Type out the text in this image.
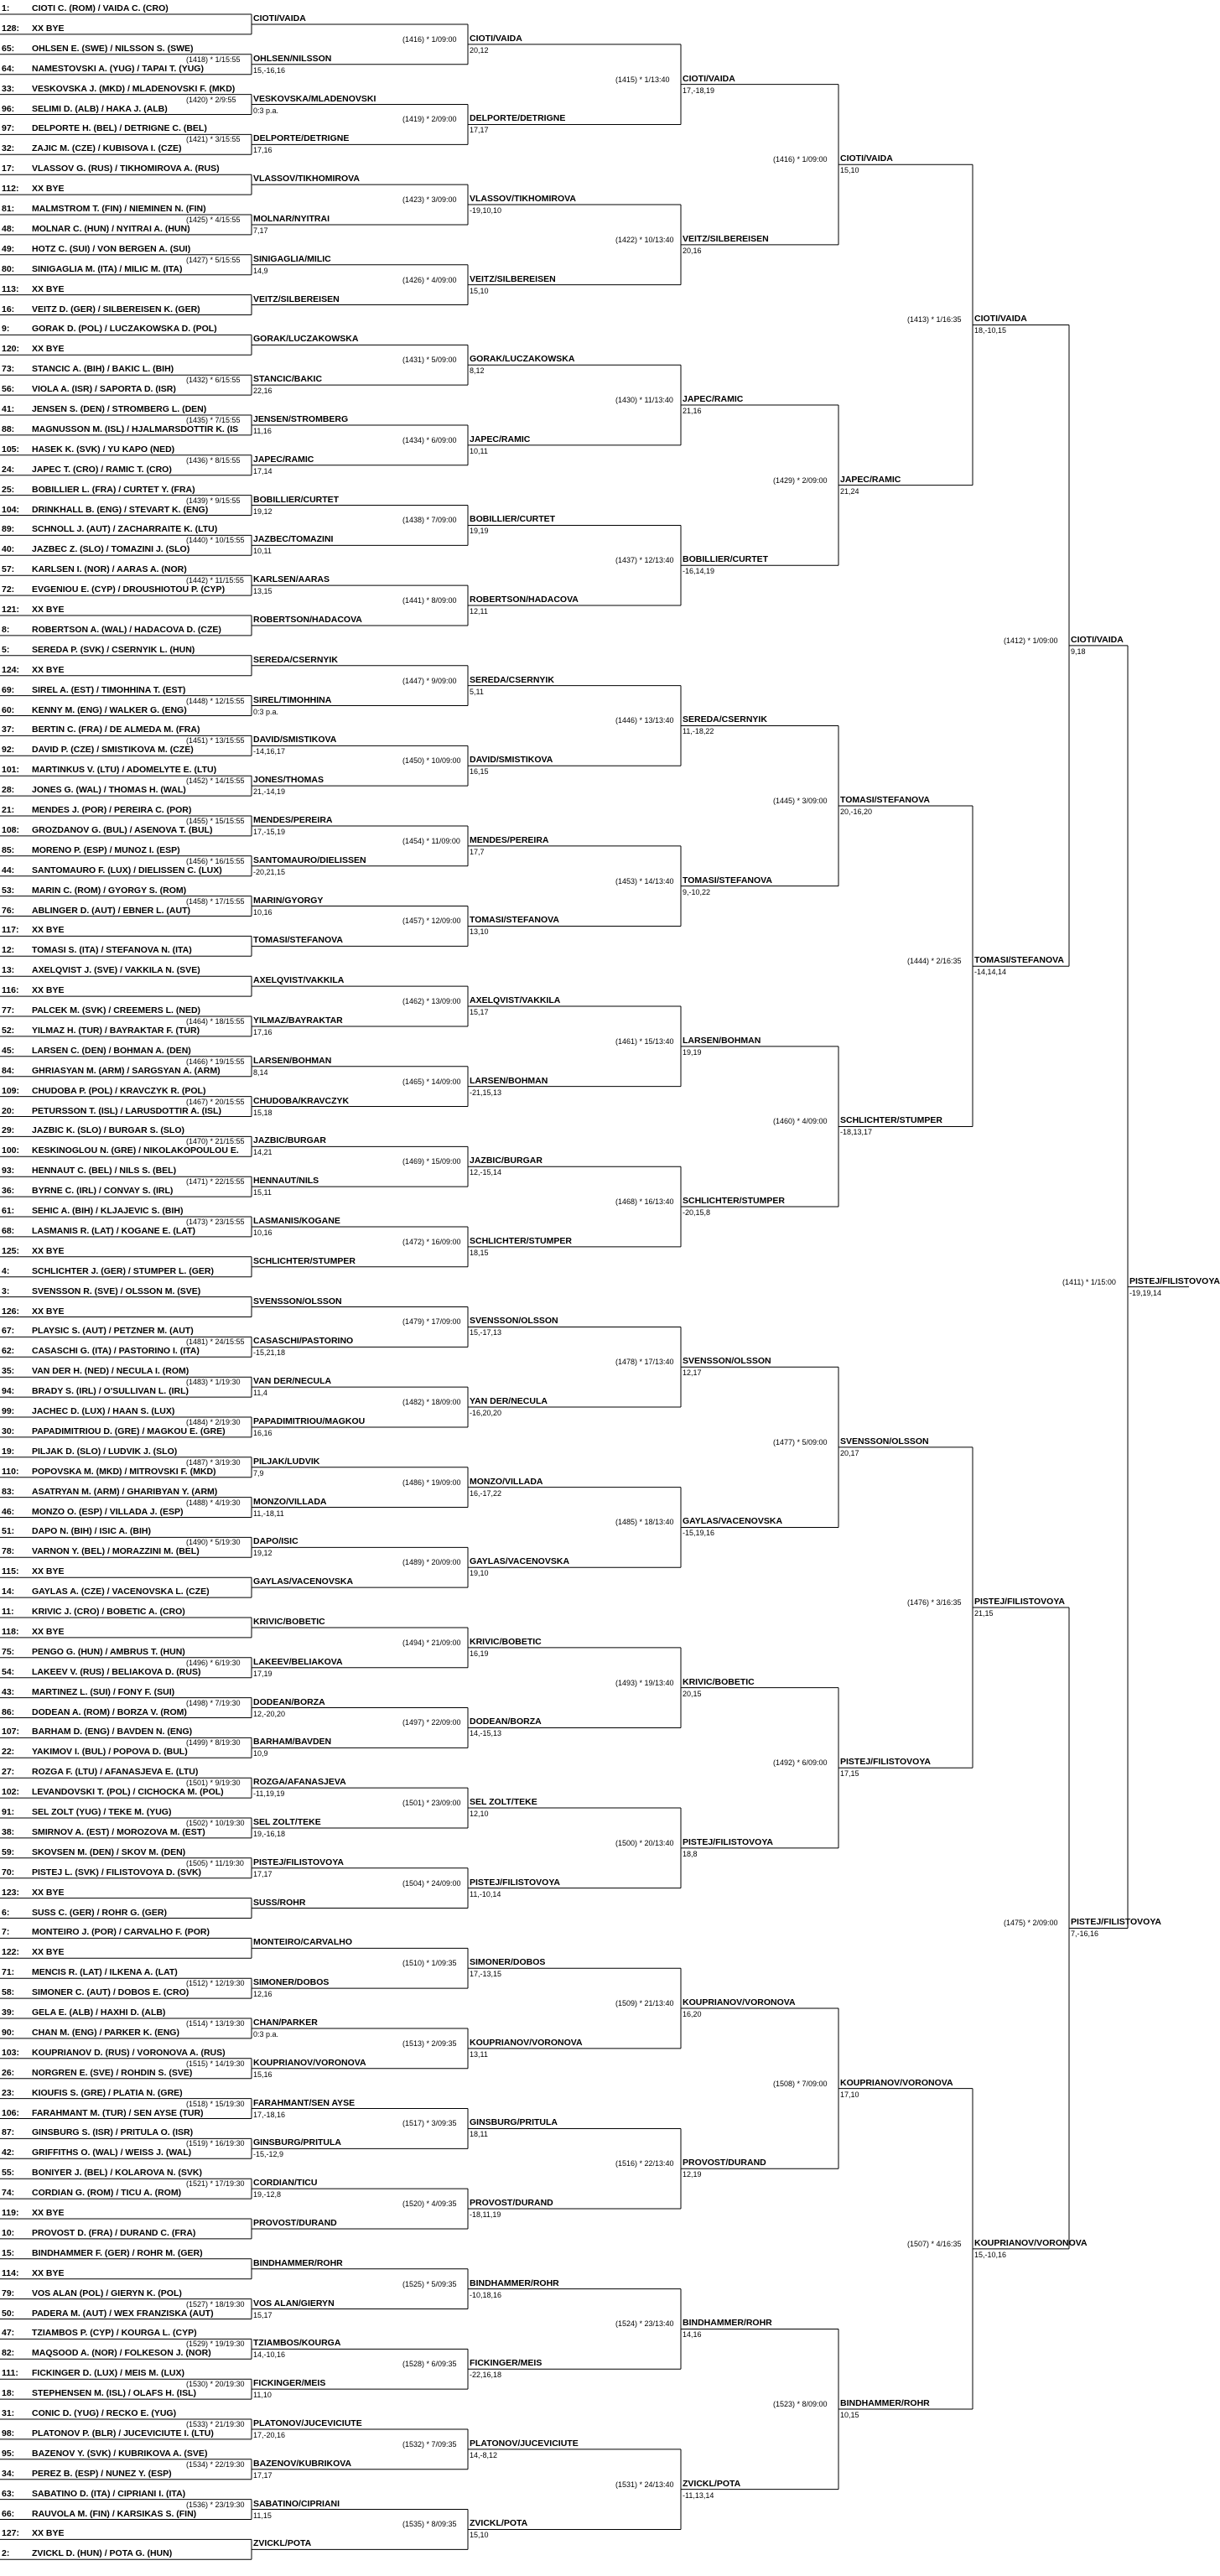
1:	CIOTI C. (ROM) / VAIDA C. (CRO)
128: XX BYE
65: OHLSEN E. (SWE) / NILSSON S. (SWE)
64: NAMESTOVSKI A. (YUG) / TAPAI T. (YUG)
33: VESKOVSKA J. (MKD) / MLADENOVSKI F. (MKD)
96: SELIMI D. (ALB) / HAKA J. (ALB)
97: DELPORTE H. (BEL) / DETRIGNE C. (BEL)
32: ZAJIC M. (CZE) / KUBISOVA I. (CZE)
17: VLASSOV G. (RUS) / TIKHOMIROVA A. (RUS)
112: XX BYE
81: MALMSTROM T. (FIN) / NIEMINEN N. (FIN)
48: MOLNAR C. (HUN) / NYITRAI A. (HUN)
49: HOTZ C. (SUI) / VON BERGEN A. (SUI)
80: SINIGAGLIA M. (ITA) / MILIC M. (ITA)
113: XX BYE
16: VEITZ D. (GER) / SILBEREISEN K. (GER)
9:	GORAK D. (POL) / LUCZAKOWSKA D. (POL)
120: XX BYE
73: STANCIC A. (BIH) / BAKIC L. (BIH)
56: VIOLA A. (ISR) / SAPORTA D. (ISR)
41: JENSEN S. (DEN) / STROMBERG L. (DEN)
88: MAGNUSSON M. (ISL) / HJALMARSDOTTIR K. (IS
105: HASEK K. (SVK) / YU KAPO (NED)
24: JAPEC T. (CRO) / RAMIC T. (CRO)
25: BOBILLIER L. (FRA) / CURTET Y. (FRA)
104: DRINKHALL B. (ENG) / STEVART K. (ENG)
89: SCHNOLL J. (AUT) / ZACHARRAITE K. (LTU)
40: JAZBEC Z. (SLO) / TOMAZINI J. (SLO)
57: KARLSEN I. (NOR) / AARAS A. (NOR)
72: EVGENIOU E. (CYP) / DROUSHIOTOU P. (CYP)
121: XX BYE
8:	ROBERTSON A. (WAL) / HADACOVA D. (CZE)
5:	SEREDA P. (SVK) / CSERNYIK L. (HUN)
124: XX BYE
69: SIREL A. (EST) / TIMOHHINA T. (EST)
60: KENNY M. (ENG) / WALKER G. (ENG)
37: BERTIN C. (FRA) / DE ALMEDA M. (FRA)
92: DAVID P. (CZE) / SMISTIKOVA M. (CZE)
101: MARTINKUS V. (LTU) / ADOMELYTE E. (LTU)
28: JONES G. (WAL) / THOMAS H. (WAL)
21: MENDES J. (POR) / PEREIRA C. (POR)
108: GROZDANOV G. (BUL) / ASENOVA T. (BUL)
85: MORENO P. (ESP) / MUNOZ I. (ESP)
44: SANTOMAURO F. (LUX) / DIELISSEN C. (LUX)
53: MARIN C. (ROM) / GYORGY S. (ROM)
76: ABLINGER D. (AUT) / EBNER L. (AUT)
117: XX BYE
12: TOMASI S. (ITA) / STEFANOVA N. (ITA)
13: AXELQVIST J. (SVE) / VAKKILA N. (SVE)
116: XX BYE
77: PALCEK M. (SVK) / CREEMERS L. (NED)
52: YILMAZ H. (TUR) / BAYRAKTAR F. (TUR)
45: LARSEN C. (DEN) / BOHMAN A. (DEN)
84: GHRIASYAN M. (ARM) / SARGSYAN A. (ARM)
109: CHUDOBA P. (POL) / KRAVCZYK R. (POL)
20: PETURSSON T. (ISL) / LARUSDOTTIR A. (ISL)
29: JAZBIC K. (SLO) / BURGAR S. (SLO)
100: KESKINOGLOU N. (GRE) / NIKOLAKOPOULOU E.
93: HENNAUT C. (BEL) / NILS S. (BEL)
36: BYRNE C. (IRL) / CONVAY S. (IRL)
61: SEHIC A. (BIH) / KLJAJEVIC S. (BIH)
68: LASMANIS R. (LAT) / KOGANE E. (LAT)
125: XX BYE
4:	SCHLICHTER J. (GER) / STUMPER L. (GER)
3:	SVENSSON R. (SVE) / OLSSON M. (SVE)
126: XX BYE
67: PLAYSIC S. (AUT) / PETZNER M. (AUT)
62: CASASCHI G. (ITA) / PASTORINO I. (ITA)
35: VAN DER H. (NED) / NECULA I. (ROM)
94: BRADY S. (IRL) / O'SULLIVAN L. (IRL)
99: JACHEC D. (LUX) / HAAN S. (LUX)
30: PAPADIMITRIOU D. (GRE) / MAGKOU E. (GRE)
19: PILJAK D. (SLO) / LUDVIK J. (SLO)
110: POPOVSKA M. (MKD) / MITROVSKI F. (MKD)
83: ASATRYAN M. (ARM) / GHARIBYAN Y. (ARM)
46: MONZO O. (ESP) / VILLADA J. (ESP)
51: DAPO N. (BIH) / ISIC A. (BIH)
78: VARNON Y. (BEL) / MORAZZINI M. (BEL)
115: XX BYE
14: GAYLAS A. (CZE) / VACENOVSKA L. (CZE)
11: KRIVIC J. (CRO) / BOBETIC A. (CRO)
118: XX BYE
75: PENGO G. (HUN) / AMBRUS T. (HUN)
54: LAKEEV V. (RUS) / BELIAKOVA D. (RUS)
43: MARTINEZ L. (SUI) / FONY F. (SUI)
86: DODEAN A. (ROM) / BORZA V. (ROM)
107: BARHAM D. (ENG) / BAVDEN N. (ENG)
22: YAKIMOV I. (BUL) / POPOVA D. (BUL)
27: ROZGA F. (LTU) / AFANASJEVA E. (LTU)
102: LEVANDOVSKI T. (POL) / CICHOCKA M. (POL)
91: SEL ZOLT (YUG) / TEKE M. (YUG)
38: SMIRNOV A. (EST) / MOROZOVA M. (EST)
59: SKOVSEN M. (DEN) / SKOV M. (DEN)
70: PISTEJ L. (SVK) / FILISTOVOYA D. (SVK)
123: XX BYE
6:	SUSS C. (GER) / ROHR G. (GER)
7:	MONTEIRO J. (POR) / CARVALHO F. (POR)
122: XX BYE
71: MENCIS R. (LAT) / ILKENA A. (LAT)
58: SIMONER C. (AUT) / DOBOS E. (CRO)
39: GELA E. (ALB) / HAXHI D. (ALB)
90: CHAN M. (ENG) / PARKER K. (ENG)
103: KOUPRIANOV D. (RUS) / VORONOVA A. (RUS)
26: NORGREN E. (SVE) / ROHDIN S. (SVE)
23: KIOUFIS S. (GRE) / PLATIA N. (GRE)
106: FARAHMANT M. (TUR) / SEN AYSE (TUR)
87: GINSBURG S. (ISR) / PRITULA O. (ISR)
42: GRIFFITHS O. (WAL) / WEISS J. (WAL)
55: BONIYER J. (BEL) / KOLAROVA N. (SVK)
74: CORDIAN G. (ROM) / TICU A. (ROM)
119: XX BYE
10: PROVOST D. (FRA) / DURAND C. (FRA)
15: BINDHAMMER F. (GER) / ROHR M. (GER)
114: XX BYE
79: VOS ALAN (POL) / GIERYN K. (POL)
50: PADERA M. (AUT) / WEX FRANZISKA (AUT)
47: TZIAMBOS P. (CYP) / KOURGA L. (CYP)
82: MAQSOOD A. (NOR) / FOLKESON J. (NOR)
111: FICKINGER D. (LUX) / MEIS M. (LUX)
18: STEPHENSEN M. (ISL) / OLAFS H. (ISL)
31: CONIC D. (YUG) / RECKO E. (YUG)
98: PLATONOV P. (BLR) / JUCEVICIUTE I. (LTU)
95: BAZENOV Y. (SVK) / KUBRIKOVA A. (SVE)
34: PEREZ B. (ESP) / NUNEZ Y. (ESP)
63: SABATINO D. (ITA) / CIPRIANI I. (ITA)
66: RAUVOLA M. (FIN) / KARSIKAS S. (FIN)
127: XX BYE
2:	ZVICKL D. (HUN) / POTA G. (HUN)
CIOTI/VAIDA
OHLSEN/NILSSON
(1418) * 1/15:55
15,-16,16
VESKOVSKA/MLADENOVSKI
(1420) * 2/9:55
0:3 p.a.
DELPORTE/DETRIGNE
(1421) * 3/15:55
17,16
VLASSOV/TIKHOMIROVA
MOLNAR/NYITRAI
(1425) * 4/15:55
7,17
SINIGAGLIA/MILIC
(1427) * 5/15:55
14,9
VEITZ/SILBEREISEN
GORAK/LUCZAKOWSKA
STANCIC/BAKIC
(1432) * 6/15:55
22,16
JENSEN/STROMBERG
(1435) * 7/15:55
11,16
JAPEC/RAMIC
(1436) * 8/15:55
17,14
BOBILLIER/CURTET
(1439) * 9/15:55
19,12
JAZBEC/TOMAZINI
(1440) * 10/15:55
10,11
KARLSEN/AARAS
(1442) * 11/15:55
13,15
ROBERTSON/HADACOVA
SEREDA/CSERNYIK
SIREL/TIMOHHINA
(1448) * 12/15:55
0:3 p.a.
DAVID/SMISTIKOVA
(1451) * 13/15:55
-14,16,17
JONES/THOMAS
(1452) * 14/15:55
21,-14,19
MENDES/PEREIRA
(1455) * 15/15:55
17,-15,19
SANTOMAURO/DIELISSEN
(1456) * 16/15:55
-20,21,15
MARIN/GYORGY
(1458) * 17/15:55
10,16
TOMASI/STEFANOVA
AXELQVIST/VAKKILA
YILMAZ/BAYRAKTAR
(1464) * 18/15:55
17,16
LARSEN/BOHMAN
(1466) * 19/15:55
8,14
CHUDOBA/KRAVCZYK
(1467) * 20/15:55
15,18
JAZBIC/BURGAR
(1470) * 21/15:55
14,21
HENNAUT/NILS
(1471) * 22/15:55
15,11
LASMANIS/KOGANE
(1473) * 23/15:55
10,16
SCHLICHTER/STUMPER
SVENSSON/OLSSON
CASASCHI/PASTORINO
(1481) * 24/15:55
-15,21,18
VAN DER/NECULA
(1483) * 1/19:30
11,4
PAPADIMITRIOU/MAGKOU
(1484) * 2/19:30
16,16
PILJAK/LUDVIK
(1487) * 3/19:30
7,9
MONZO/VILLADA
(1488) * 4/19:30
11,-18,11
DAPO/ISIC
(1490) * 5/19:30
19,12
GAYLAS/VACENOVSKA
KRIVIC/BOBETIC
LAKEEV/BELIAKOVA
(1496) * 6/19:30
17,19
DODEAN/BORZA
(1498) * 7/19:30
12,-20,20
BARHAM/BAVDEN
(1499) * 8/19:30
10,9
ROZGA/AFANASJEVA
(1501) * 9/19:30
-11,19,19
SEL ZOLT/TEKE
(1502) * 10/19:30
19,-16,18
PISTEJ/FILISTOVOYA
(1505) * 11/19:30
17,17
SUSS/ROHR
MONTEIRO/CARVALHO
SIMONER/DOBOS
(1512) * 12/19:30
12,16
CHAN/PARKER
(1514) * 13/19:30
0:3 p.a.
KOUPRIANOV/VORONOVA
(1515) * 14/19:30
15,16
FARAHMANT/SEN AYSE
(1518) * 15/19:30
17,-18,16
GINSBURG/PRITULA
(1519) * 16/19:30
-15,-12,9
CORDIAN/TICU
(1521) * 17/19:30
19,-12,8
PROVOST/DURAND
BINDHAMMER/ROHR
VOS ALAN/GIERYN
(1527) * 18/19:30
15,17
TZIAMBOS/KOURGA
(1529) * 19/19:30
14,-10,16
FICKINGER/MEIS
(1530) * 20/19:30
11,10
PLATONOV/JUCEVICIUTE
(1533) * 21/19:30
17,-20,16
BAZENOV/KUBRIKOVA
(1534) * 22/19:30
17,17
SABATINO/CIPRIANI
(1536) * 23/19:30
11,15
ZVICKL/POTA
CIOTI/VAIDA
(1416) * 1/09:00
20,12
DELPORTE/DETRIGNE
(1419) * 2/09:00
17,17
VLASSOV/TIKHOMIROVA
(1423) * 3/09:00
-19,10,10
VEITZ/SILBEREISEN
(1426) * 4/09:00
15,10
GORAK/LUCZAKOWSKA
(1431) * 5/09:00
8,12
JAPEC/RAMIC
(1434) * 6/09:00
10,11
BOBILLIER/CURTET
(1438) * 7/09:00
19,19
ROBERTSON/HADACOVA
(1441) * 8/09:00
12,11
SEREDA/CSERNYIK
(1447) * 9/09:00
5,11
DAVID/SMISTIKOVA
(1450) * 10/09:00
16,15
MENDES/PEREIRA
(1454) * 11/09:00
17,7
TOMASI/STEFANOVA
(1457) * 12/09:00
13,10
AXELQVIST/VAKKILA
(1462) * 13/09:00
15,17
LARSEN/BOHMAN
(1465) * 14/09:00
-21,15,13
JAZBIC/BURGAR
(1469) * 15/09:00
12,-15,14
SCHLICHTER/STUMPER
(1472) * 16/09:00
18,15
SVENSSON/OLSSON
(1479) * 17/09:00
15,-17,13
YAN DER/NECULA
(1482) * 18/09:00
-16,20,20
MONZO/VILLADA
(1486) * 19/09:00
16,-17,22
GAYLAS/VACENOVSKA
(1489) * 20/09:00
19,10
KRIVIC/BOBETIC
(1494) * 21/09:00
16,19
DODEAN/BORZA
(1497) * 22/09:00
14,-15,13
SEL ZOLT/TEKE
(1501) * 23/09:00
12,10
PISTEJ/FILISTOVOYA
(1504) * 24/09:00
11,-10,14
SIMONER/DOBOS
(1510) * 1/09:35
17,-13,15
KOUPRIANOV/VORONOVA
(1513) * 2/09:35
13,11
GINSBURG/PRITULA
(1517) * 3/09:35
18,11
PROVOST/DURAND
(1520) * 4/09:35
-18,11,19
BINDHAMMER/ROHR
(1525) * 5/09:35
-10,18,16
FICKINGER/MEIS
(1528) * 6/09:35
-22,16,18
PLATONOV/JUCEVICIUTE
(1532) * 7/09:35
14,-8,12
ZVICKL/POTA
(1535) * 8/09:35
15,10
CIOTI/VAIDA
(1415) * 1/13:40
17,-18,19
VEITZ/SILBEREISEN
(1422) * 10/13:40
20,16
JAPEC/RAMIC
(1430) * 11/13:40
21,16
BOBILLIER/CURTET
(1437) * 12/13:40
-16,14,19
SEREDA/CSERNYIK
(1446) * 13/13:40
11,-18,22
TOMASI/STEFANOVA
(1453) * 14/13:40
9,-10,22
LARSEN/BOHMAN
(1461) * 15/13:40
19,19
SCHLICHTER/STUMPER
(1468) * 16/13:40
-20,15,8
SVENSSON/OLSSON
(1478) * 17/13:40
12,17
GAYLAS/VACENOVSKA
(1485) * 18/13:40
-15,19,16
KRIVIC/BOBETIC
(1493) * 19/13:40
20,15
PISTEJ/FILISTOVOYA
(1500) * 20/13:40
18,8
KOUPRIANOV/VORONOVA
(1509) * 21/13:40
16,20
PROVOST/DURAND
(1516) * 22/13:40
12,19
BINDHAMMER/ROHR
(1524) * 23/13:40
14,16
ZVICKL/POTA
(1531) * 24/13:40
-11,13,14
CIOTI/VAIDA
(1416) * 1/09:00
15,10
JAPEC/RAMIC
(1429) * 2/09:00
21,24
TOMASI/STEFANOVA
(1445) * 3/09:00
20,-16,20
SCHLICHTER/STUMPER
(1460) * 4/09:00
-18,13,17
SVENSSON/OLSSON
(1477) * 5/09:00
20,17
PISTEJ/FILISTOVOYA
(1492) * 6/09:00
17,15
KOUPRIANOV/VORONOVA
(1508) * 7/09:00
17,10
BINDHAMMER/ROHR
(1523) * 8/09:00
10,15
CIOTI/VAIDA
(1413) * 1/16:35
18,-10,15
TOMASI/STEFANOVA
(1444) * 2/16:35
-14,14,14
PISTEJ/FILISTOVOYA
(1476) * 3/16:35
21,15
KOUPRIANOV/VORONOVA
(1507) * 4/16:35
15,-10,16
CIOTI/VAIDA
(1412) * 1/09:00
9,18
PISTEJ/FILISTOVOYA
(1475) * 2/09:00
7,-16,16
PISTEJ/FILISTOVOYA
(1411) * 1/15:00
-19,19,14
